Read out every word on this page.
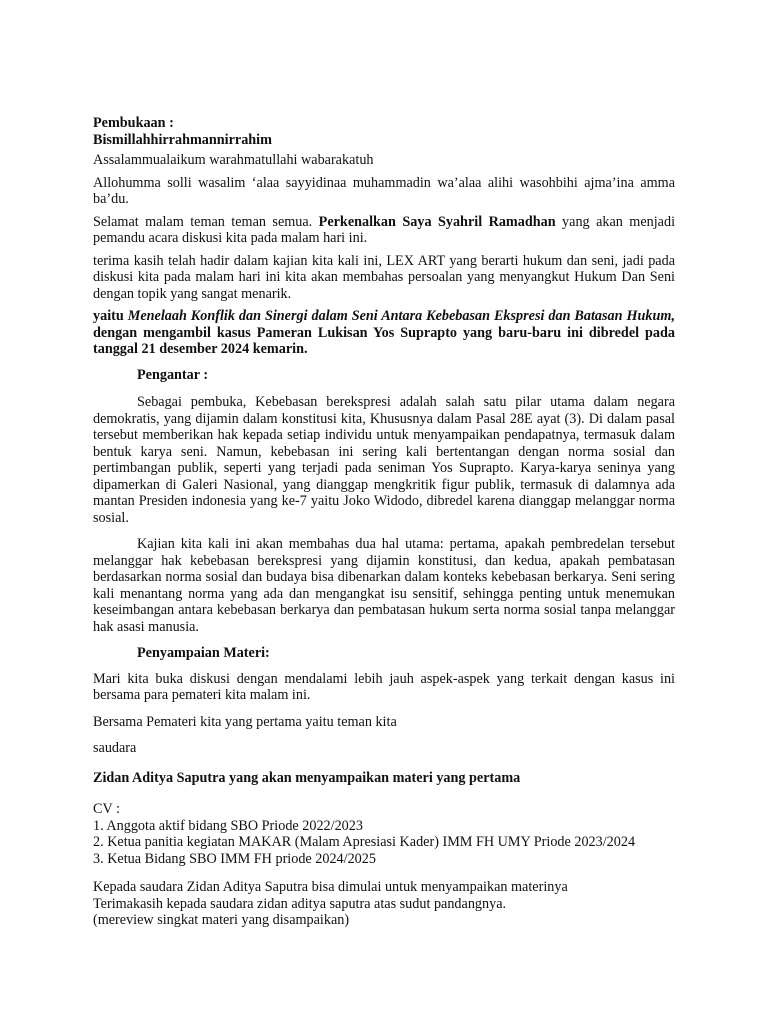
Pembukaan :

Bismillahhirrahmannirrahim

Assalammualaikum warahmatullahi wabarakatuh

Allohumma solli wasalim ‘alaa sayyidinaa muhammadin wa’alaa alihi wasohbihi ajma’ina amma ba’du.

Selamat malam teman teman semua. Perkenalkan Saya Syahril Ramadhan yang akan menjadi pemandu acara diskusi kita pada malam hari ini.

terima kasih telah hadir dalam kajian kita kali ini, LEX ART yang berarti hukum dan seni, jadi pada diskusi kita pada malam hari ini kita akan membahas persoalan yang menyangkut Hukum Dan Seni dengan topik yang sangat menarik.

yaitu Menelaah Konflik dan Sinergi dalam Seni Antara Kebebasan Ekspresi dan Batasan Hukum, dengan mengambil kasus Pameran Lukisan Yos Suprapto yang baru-baru ini dibredel pada tanggal 21 desember 2024 kemarin.

Pengantar :

Sebagai pembuka, Kebebasan berekspresi adalah salah satu pilar utama dalam negara demokratis, yang dijamin dalam konstitusi kita, Khususnya dalam Pasal 28E ayat (3). Di dalam pasal tersebut memberikan hak kepada setiap individu untuk menyampaikan pendapatnya, termasuk dalam bentuk karya seni. Namun, kebebasan ini sering kali bertentangan dengan norma sosial dan pertimbangan publik, seperti yang terjadi pada seniman Yos Suprapto. Karya-karya seninya yang dipamerkan di Galeri Nasional, yang dianggap mengkritik figur publik, termasuk di dalamnya ada mantan Presiden indonesia yang ke-7 yaitu Joko Widodo, dibredel karena dianggap melanggar norma sosial.

Kajian kita kali ini akan membahas dua hal utama: pertama, apakah pembredelan tersebut melanggar hak kebebasan berekspresi yang dijamin konstitusi, dan kedua, apakah pembatasan berdasarkan norma sosial dan budaya bisa dibenarkan dalam konteks kebebasan berkarya. Seni sering kali menantang norma yang ada dan mengangkat isu sensitif, sehingga penting untuk menemukan keseimbangan antara kebebasan berkarya dan pembatasan hukum serta norma sosial tanpa melanggar hak asasi manusia.

Penyampaian Materi:

Mari kita buka diskusi dengan mendalami lebih jauh aspek-aspek yang terkait dengan kasus ini bersama para pemateri kita malam ini.

Bersama Pemateri kita yang pertama yaitu teman kita

saudara

Zidan Aditya Saputra yang akan menyampaikan materi yang pertama

CV :

1. Anggota aktif bidang SBO Priode 2022/2023

2. Ketua panitia kegiatan MAKAR (Malam Apresiasi Kader) IMM FH UMY Priode 2023/2024

3. Ketua Bidang SBO IMM FH priode 2024/2025

Kepada saudara Zidan Aditya Saputra bisa dimulai untuk menyampaikan materinya

Terimakasih kepada saudara zidan aditya saputra atas sudut pandangnya.

(mereview singkat materi yang disampaikan)
